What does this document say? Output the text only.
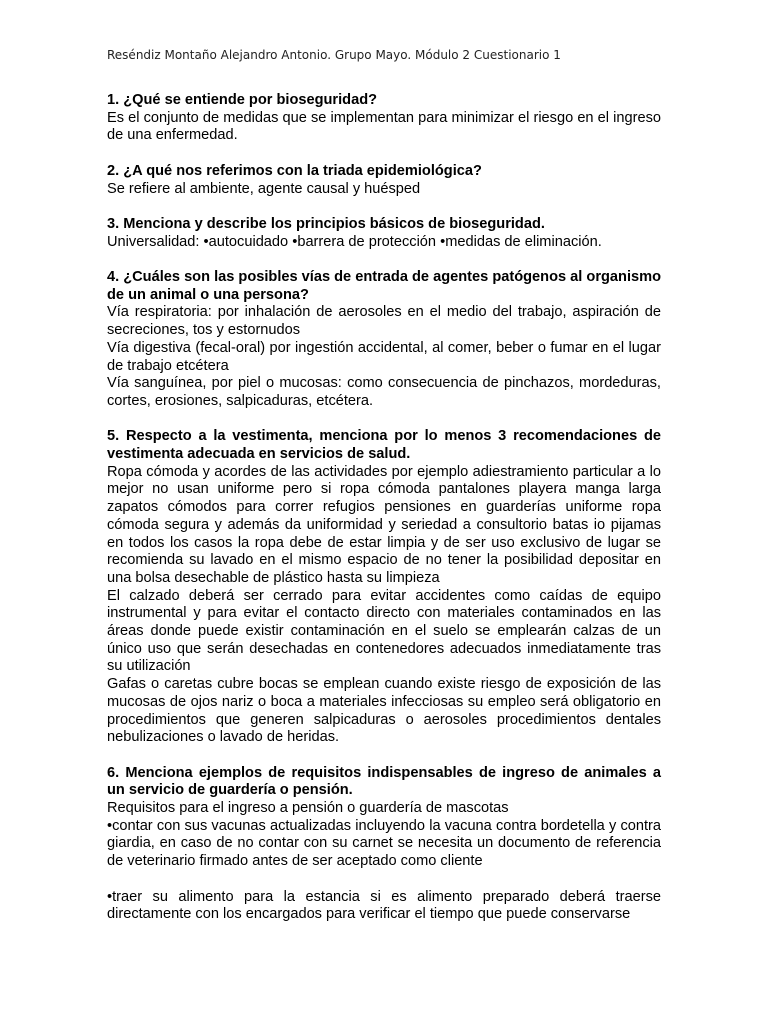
Reséndiz Montaño Alejandro Antonio. Grupo Mayo. Módulo 2 Cuestionario 1
1. ¿Qué se entiende por bioseguridad?
Es el conjunto de medidas que se implementan para minimizar el riesgo en el ingreso de una enfermedad.
2. ¿A qué nos referimos con la triada epidemiológica?
Se refiere al ambiente, agente causal y huésped
3. Menciona y describe los principios básicos de bioseguridad.
Universalidad: •autocuidado •barrera de protección •medidas de eliminación.
4. ¿Cuáles son las posibles vías de entrada de agentes patógenos al organismo de un animal o una persona?
Vía respiratoria: por inhalación de aerosoles en el medio del trabajo, aspiración de secreciones, tos y estornudos
Vía digestiva (fecal-oral) por ingestión accidental, al comer, beber o fumar en el lugar de trabajo etcétera
Vía sanguínea, por piel o mucosas: como consecuencia de pinchazos, mordeduras, cortes, erosiones, salpicaduras, etcétera.
5. Respecto a la vestimenta, menciona por lo menos 3 recomendaciones de vestimenta adecuada en servicios de salud.
Ropa cómoda y acordes de las actividades por ejemplo adiestramiento particular a lo mejor no usan uniforme pero si ropa cómoda pantalones playera manga larga zapatos cómodos para correr refugios pensiones en guarderías uniforme ropa cómoda segura y además da uniformidad y seriedad a consultorio batas io pijamas en todos los casos la ropa debe de estar limpia y de ser uso exclusivo de lugar se recomienda su lavado en el mismo espacio de no tener la posibilidad depositar en una bolsa desechable de plástico hasta su limpieza
El calzado deberá ser cerrado para evitar accidentes como caídas de equipo instrumental y para evitar el contacto directo con materiales contaminados en las áreas donde puede existir contaminación en el suelo se emplearán calzas de un único uso que serán desechadas en contenedores adecuados inmediatamente tras su utilización
Gafas o caretas cubre bocas se emplean cuando existe riesgo de exposición de las mucosas de ojos nariz o boca a materiales infecciosas su empleo será obligatorio en procedimientos que generen salpicaduras o aerosoles procedimientos dentales nebulizaciones o lavado de heridas.
6. Menciona ejemplos de requisitos indispensables de ingreso de animales a un servicio de guardería o pensión.
Requisitos para el ingreso a pensión o guardería de mascotas
•contar con sus vacunas actualizadas incluyendo la vacuna contra bordetella y contra giardia, en caso de no contar con su carnet se necesita un documento de referencia de veterinario firmado antes de ser aceptado como cliente
•traer su alimento para la estancia si es alimento preparado deberá traerse directamente con los encargados para verificar el tiempo que puede conservarse
